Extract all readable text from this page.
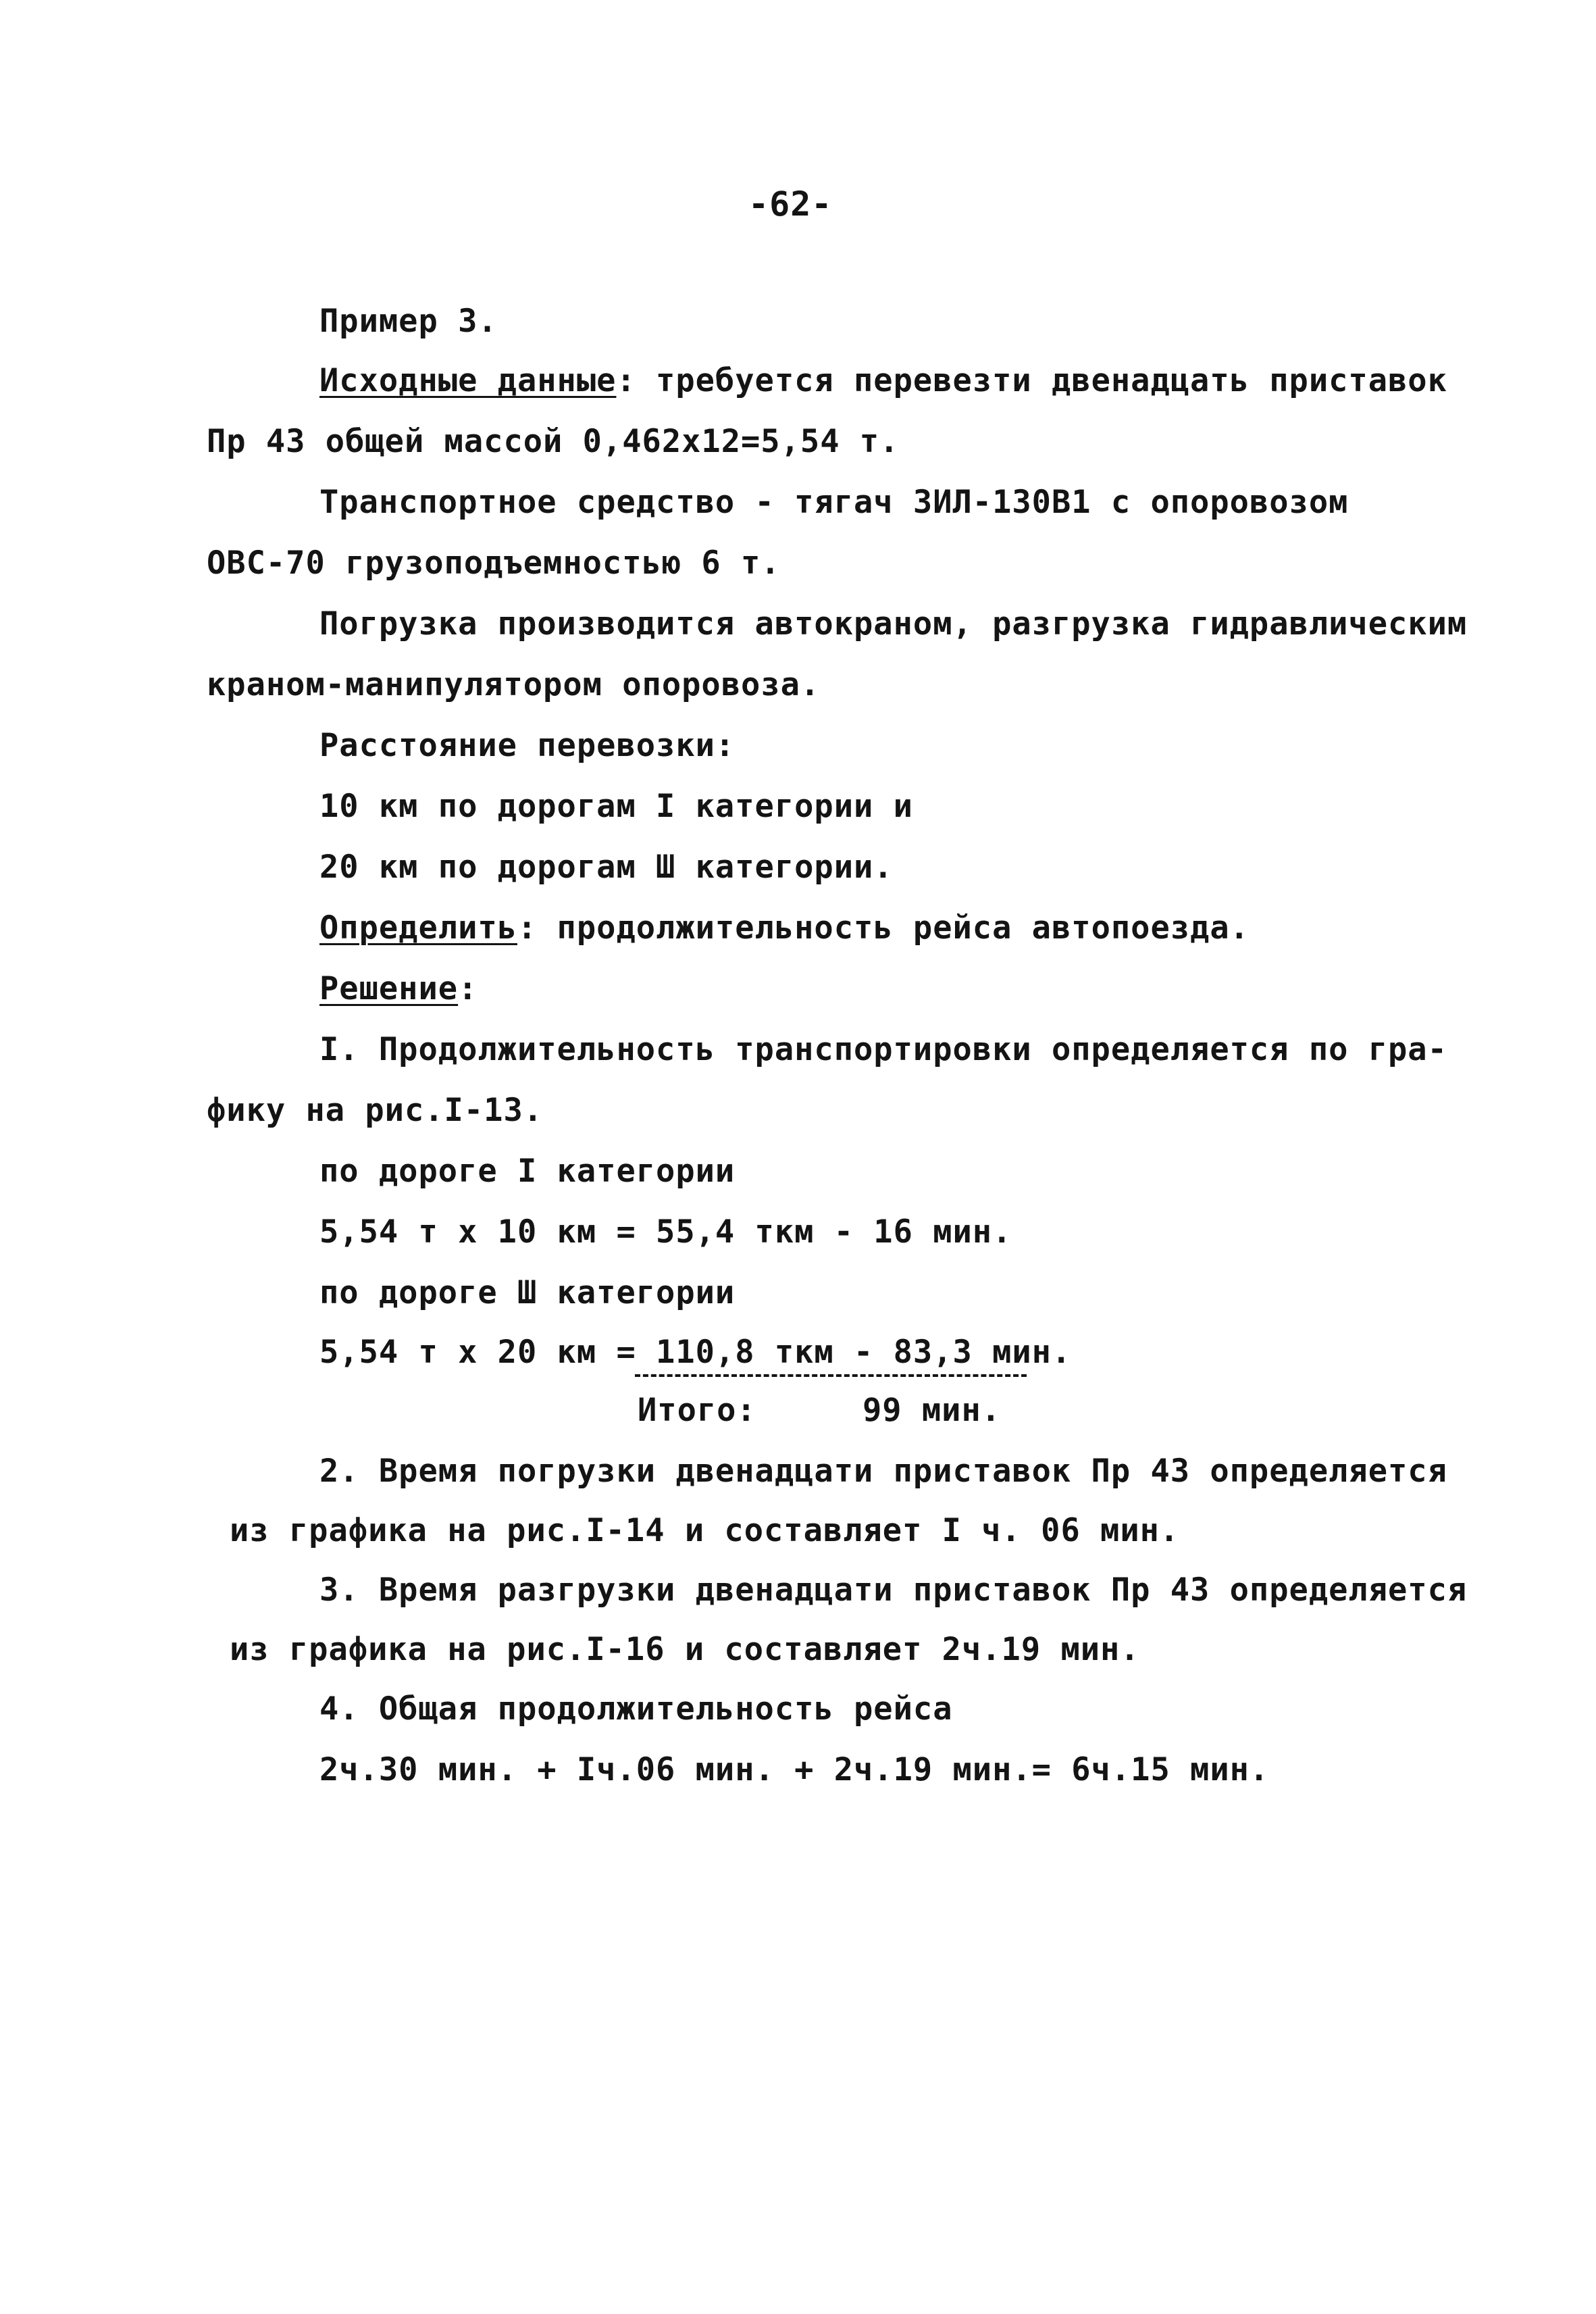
-62-
Пример 3.
Исходные данные: требуется перевезти двенадцать приставок
Пр 43 общей массой 0,462х12=5,54 т.
Транспортное средство - тягач ЗИЛ-130В1 с опоровозом
ОВС-70 грузоподъемностью 6 т.
Погрузка производится автокраном, разгрузка гидравлическим
краном-манипулятором опоровоза.
Расстояние перевозки:
10 км по дорогам I категории и
20 км по дорогам Ш категории.
Определить: продолжительность рейса автопоезда.
Решение:
I. Продолжительность транспортировки определяется по гра-
фику на рис.I-13.
по дороге I категории
5,54 т х 10 км = 55,4 ткм - 16 мин.
по дороге Ш категории
5,54 т х 20 км = 110,8 ткм - 83,3 мин.
Итого:	99 мин.
2. Время погрузки двенадцати приставок Пр 43 определяется
из графика на рис.I-14 и составляет I ч. 06 мин.
3. Время разгрузки двенадцати приставок Пр 43 определяется
из графика на рис.I-16 и составляет 2ч.19 мин.
4. Общая продолжительность рейса
2ч.30 мин. + Iч.06 мин. + 2ч.19 мин.= 6ч.15 мин.
